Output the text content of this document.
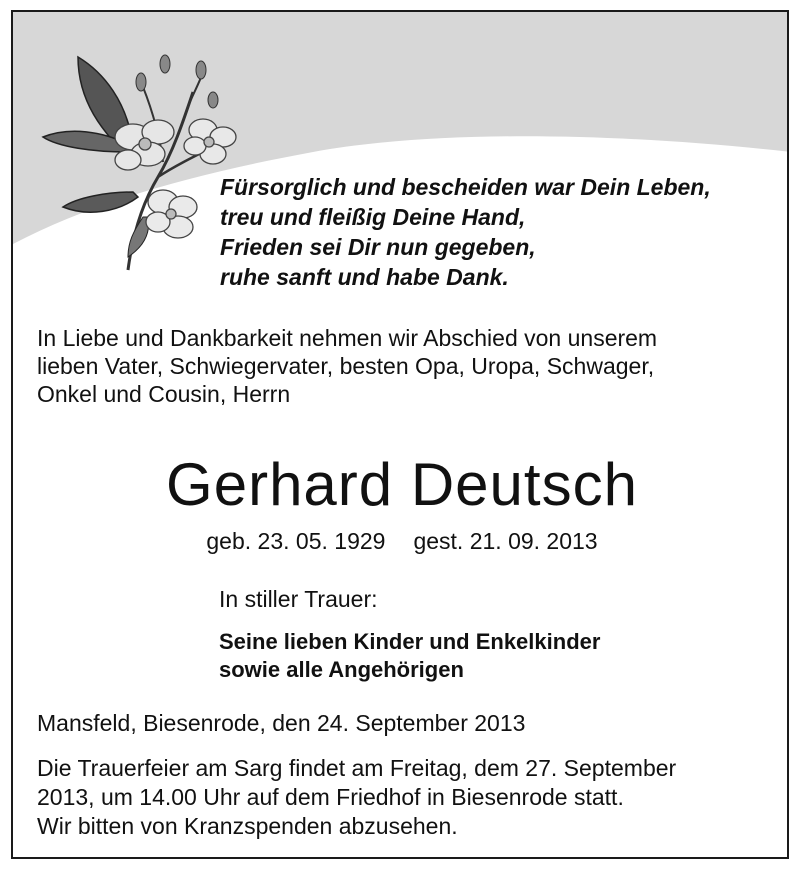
Fürsorglich und bescheiden war Dein Leben,
treu und fleißig Deine Hand,
Frieden sei Dir nun gegeben,
ruhe sanft und habe Dank.
In Liebe und Dankbarkeit nehmen wir Abschied von unserem
lieben Vater, Schwiegervater, besten Opa, Uropa, Schwager,
Onkel und Cousin, Herrn
Gerhard Deutsch
geb. 23. 05. 1929 gest. 21. 09. 2013
In stiller Trauer:
Seine lieben Kinder und Enkelkinder
sowie alle Angehörigen
Mansfeld, Biesenrode, den 24. September 2013
Die Trauerfeier am Sarg findet am Freitag, dem 27. September
2013, um 14.00 Uhr auf dem Friedhof in Biesenrode statt.
Wir bitten von Kranzspenden abzusehen.
